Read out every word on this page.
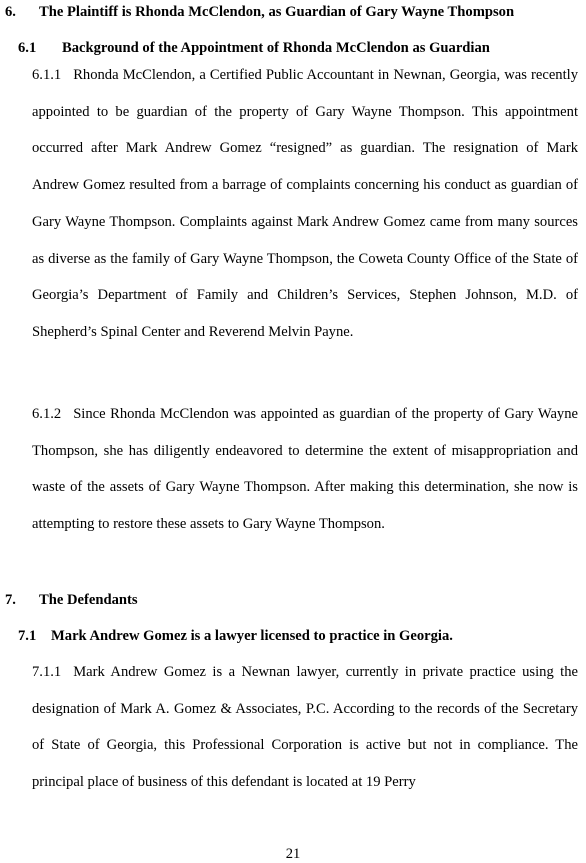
6. The Plaintiff is Rhonda McClendon, as Guardian of Gary Wayne Thompson
6.1 Background of the Appointment of Rhonda McClendon as Guardian

6.1.1 Rhonda McClendon, a Certified Public Accountant in Newnan, Georgia, was recently appointed to be guardian of the property of Gary Wayne Thompson. This appointment occurred after Mark Andrew Gomez “resigned” as guardian. The resignation of Mark Andrew Gomez resulted from a barrage of complaints concerning his conduct as guardian of Gary Wayne Thompson. Complaints against Mark Andrew Gomez came from many sources as diverse as the family of Gary Wayne Thompson, the Coweta County Office of the State of Georgia’s Department of Family and Children’s Services, Stephen Johnson, M.D. of Shepherd’s Spinal Center and Reverend Melvin Payne.

6.1.2 Since Rhonda McClendon was appointed as guardian of the property of Gary Wayne Thompson, she has diligently endeavored to determine the extent of misappropriation and waste of the assets of Gary Wayne Thompson. After making this determination, she now is attempting to restore these assets to Gary Wayne Thompson.

7. The Defendants
7.1 Mark Andrew Gomez is a lawyer licensed to practice in Georgia.

7.1.1 Mark Andrew Gomez is a Newnan lawyer, currently in private practice using the designation of Mark A. Gomez & Associates, P.C. According to the records of the Secretary of State of Georgia, this Professional Corporation is active but not in compliance. The principal place of business of this defendant is located at 19 Perry

21
